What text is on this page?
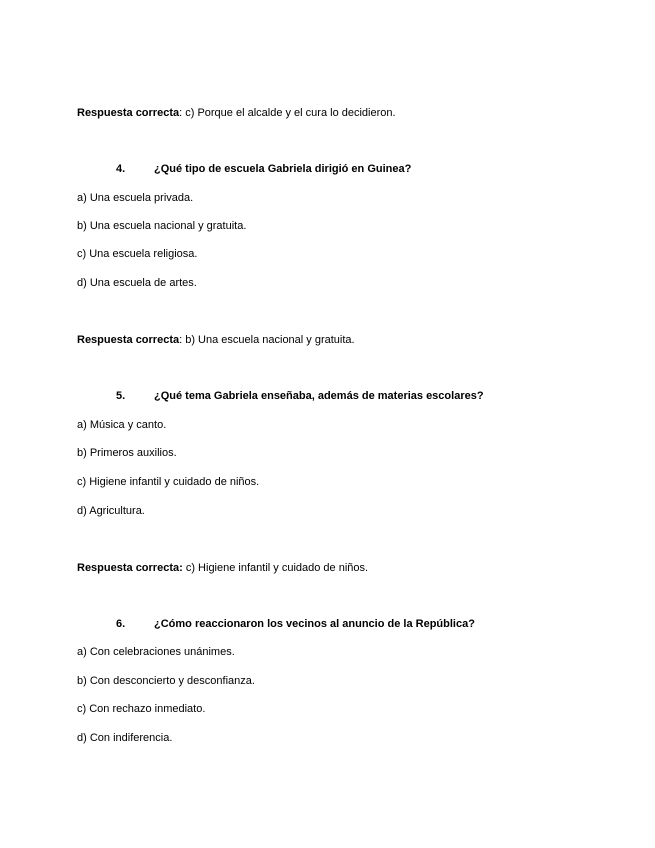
Respuesta correcta: c) Porque el alcalde y el cura lo decidieron.
4.	¿Qué tipo de escuela Gabriela dirigió en Guinea?
a) Una escuela privada.
b) Una escuela nacional y gratuita.
c) Una escuela religiosa.
d) Una escuela de artes.
Respuesta correcta: b) Una escuela nacional y gratuita.
5.	¿Qué tema Gabriela enseñaba, además de materias escolares?
a) Música y canto.
b) Primeros auxilios.
c) Higiene infantil y cuidado de niños.
d) Agricultura.
Respuesta correcta: c) Higiene infantil y cuidado de niños.
6.	¿Cómo reaccionaron los vecinos al anuncio de la República?
a) Con celebraciones unánimes.
b) Con desconcierto y desconfianza.
c) Con rechazo inmediato.
d) Con indiferencia.
